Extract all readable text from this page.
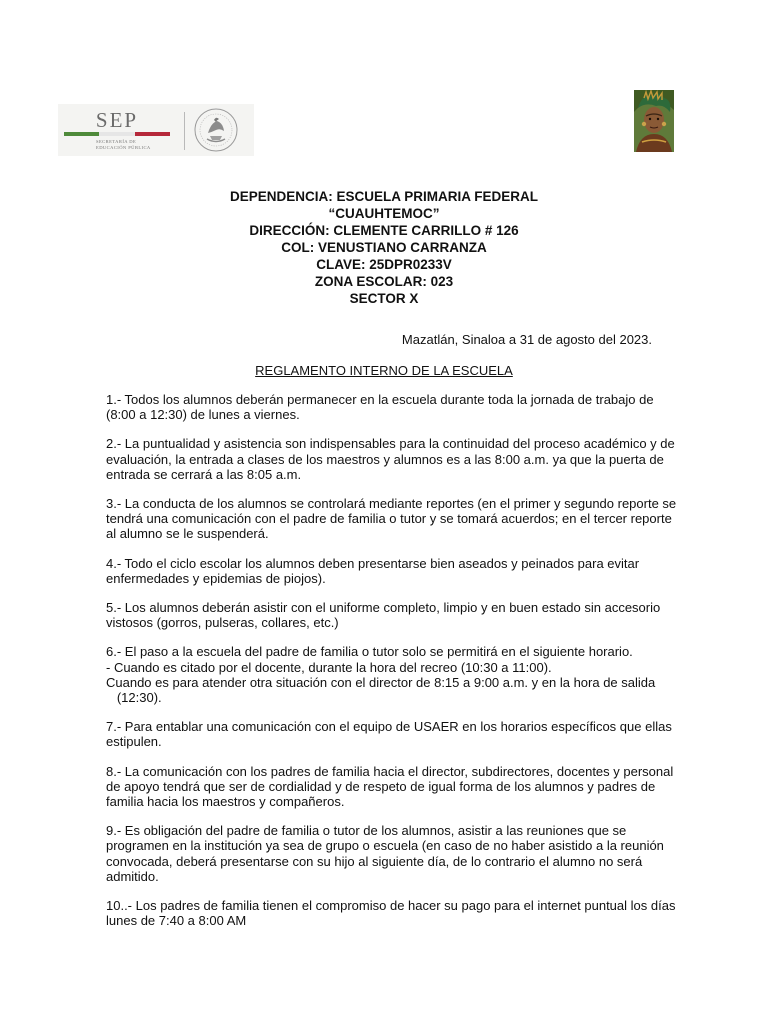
SEP
SECRETARÍA DE
EDUCACIÓN PÚBLICA
DEPENDENCIA: ESCUELA PRIMARIA FEDERAL
“CUAUHTEMOC”
DIRECCIÓN: CLEMENTE CARRILLO # 126
COL: VENUSTIANO CARRANZA
CLAVE: 25DPR0233V
ZONA ESCOLAR: 023
SECTOR X
Mazatlán, Sinaloa a 31 de agosto del 2023.
REGLAMENTO INTERNO DE LA ESCUELA
1.- Todos los alumnos deberán permanecer en la escuela durante toda la jornada de trabajo de
(8:00 a 12:30) de lunes a viernes.
2.- La puntualidad y asistencia son indispensables para la continuidad del proceso académico y de
evaluación, la entrada a clases de los maestros y alumnos es a las 8:00 a.m. ya que la puerta de
entrada se cerrará a las 8:05 a.m.
3.- La conducta de los alumnos se controlará mediante reportes (en el primer y segundo reporte se
tendrá una comunicación con el padre de familia o tutor y se tomará acuerdos; en el tercer reporte
al alumno se le suspenderá.
4.- Todo el ciclo escolar los alumnos deben presentarse bien aseados y peinados para evitar
enfermedades y epidemias de piojos).
5.- Los alumnos deberán asistir con el uniforme completo, limpio y en buen estado sin accesorio
vistosos (gorros, pulseras, collares, etc.)
6.- El paso a la escuela del padre de familia o tutor solo se permitirá en el siguiente horario.
- Cuando es citado por el docente, durante la hora del recreo (10:30 a 11:00).
Cuando es para atender otra situación con el director de 8:15 a 9:00 a.m. y en la hora de salida
(12:30).
7.- Para entablar una comunicación con el equipo de USAER en los horarios específicos que ellas
estipulen.
8.- La comunicación con los padres de familia hacia el director, subdirectores, docentes y personal
de apoyo tendrá que ser de cordialidad y de respeto de igual forma de los alumnos y padres de
familia hacia los maestros y compañeros.
9.- Es obligación del padre de familia o tutor de los alumnos, asistir a las reuniones que se
programen en la institución ya sea de grupo o escuela (en caso de no haber asistido a la reunión
convocada, deberá presentarse con su hijo al siguiente día, de lo contrario el alumno no será
admitido.
10..- Los padres de familia tienen el compromiso de hacer su pago para el internet puntual los días
lunes de 7:40 a 8:00 AM
